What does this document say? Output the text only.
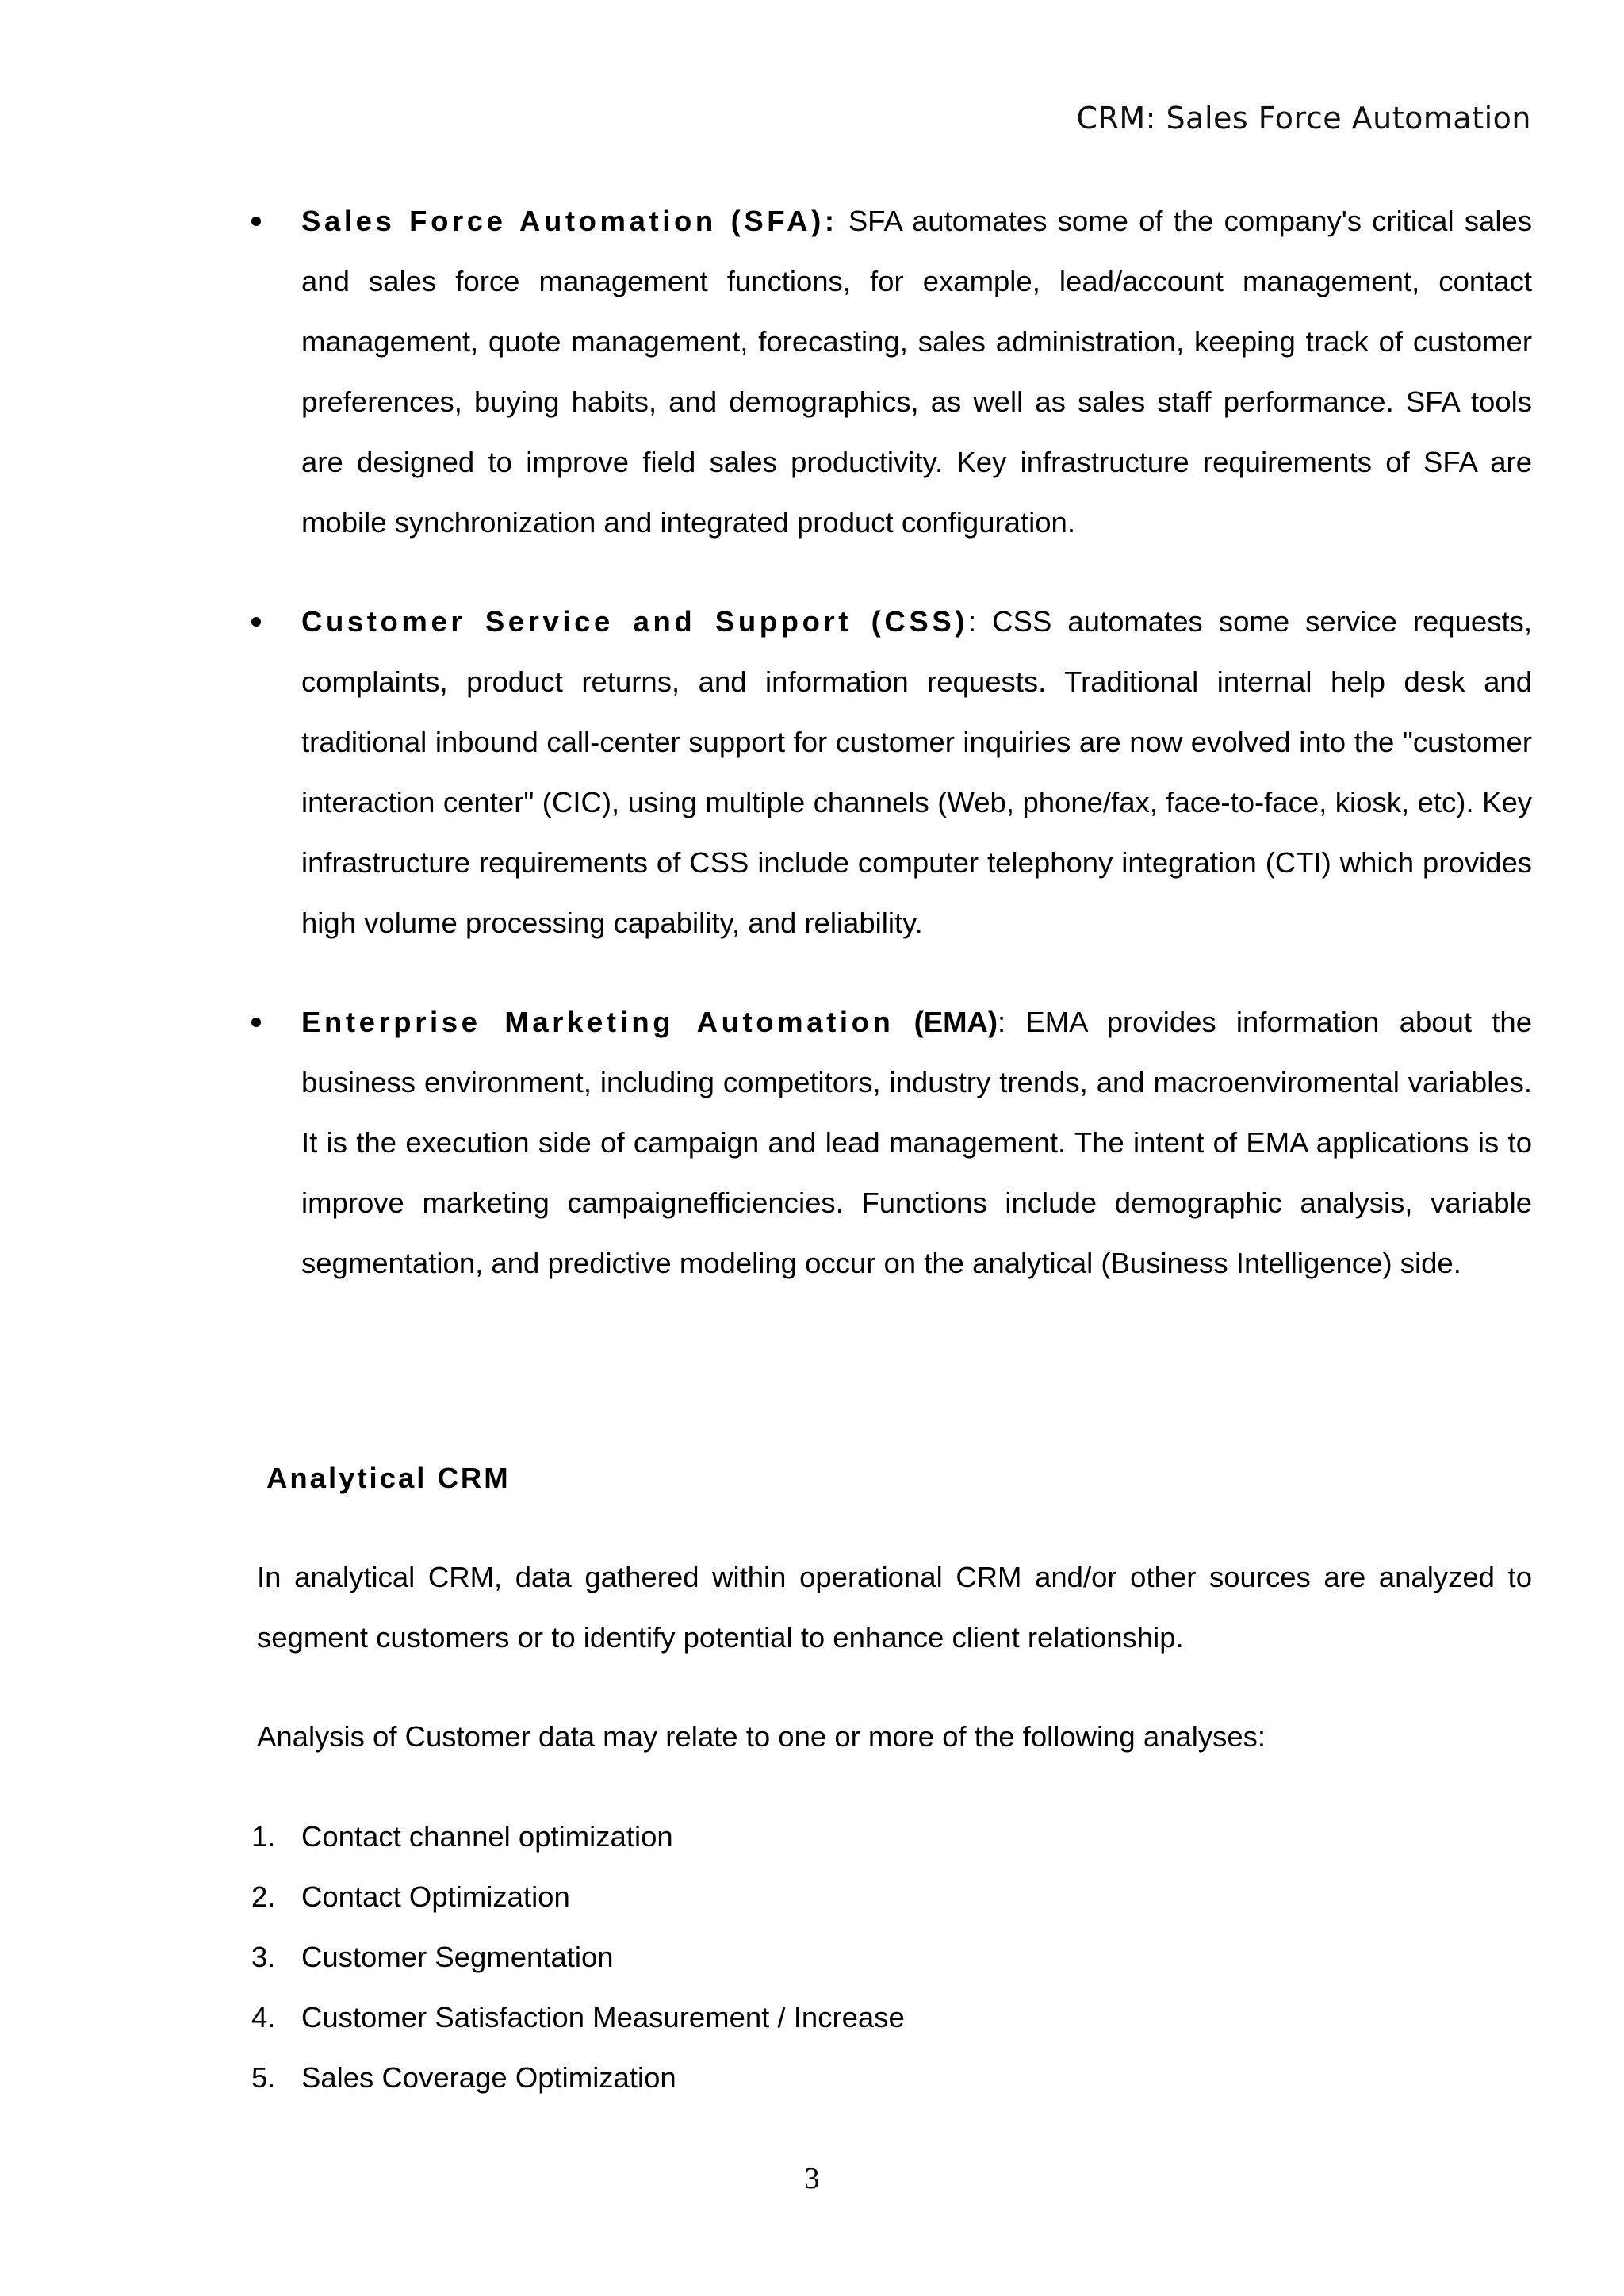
CRM: Sales Force Automation
Sales Force Automation (SFA): SFA automates some of the company's critical sales and sales force management functions, for example, lead/account management, contact management, quote management, forecasting, sales administration, keeping track of customer preferences, buying habits, and demographics, as well as sales staff performance. SFA tools are designed to improve field sales productivity. Key infrastructure requirements of SFA are mobile synchronization and integrated product configuration.
Customer Service and Support (CSS): CSS automates some service requests, complaints, product returns, and information requests. Traditional internal help desk and traditional inbound call-center support for customer inquiries are now evolved into the "customer interaction center" (CIC), using multiple channels (Web, phone/fax, face-to-face, kiosk, etc). Key infrastructure requirements of CSS include computer telephony integration (CTI) which provides high volume processing capability, and reliability.
Enterprise Marketing Automation (EMA): EMA provides information about the business environment, including competitors, industry trends, and macroenviromental variables. It is the execution side of campaign and lead management. The intent of EMA applications is to improve marketing campaignefficiencies. Functions include demographic analysis, variable segmentation, and predictive modeling occur on the analytical (Business Intelligence) side.
Analytical CRM

In analytical CRM, data gathered within operational CRM and/or other sources are analyzed to segment customers or to identify potential to enhance client relationship.

Analysis of Customer data may relate to one or more of the following analyses:

1. Contact channel optimization
2. Contact Optimization
3. Customer Segmentation
4. Customer Satisfaction Measurement / Increase
5. Sales Coverage Optimization
3
